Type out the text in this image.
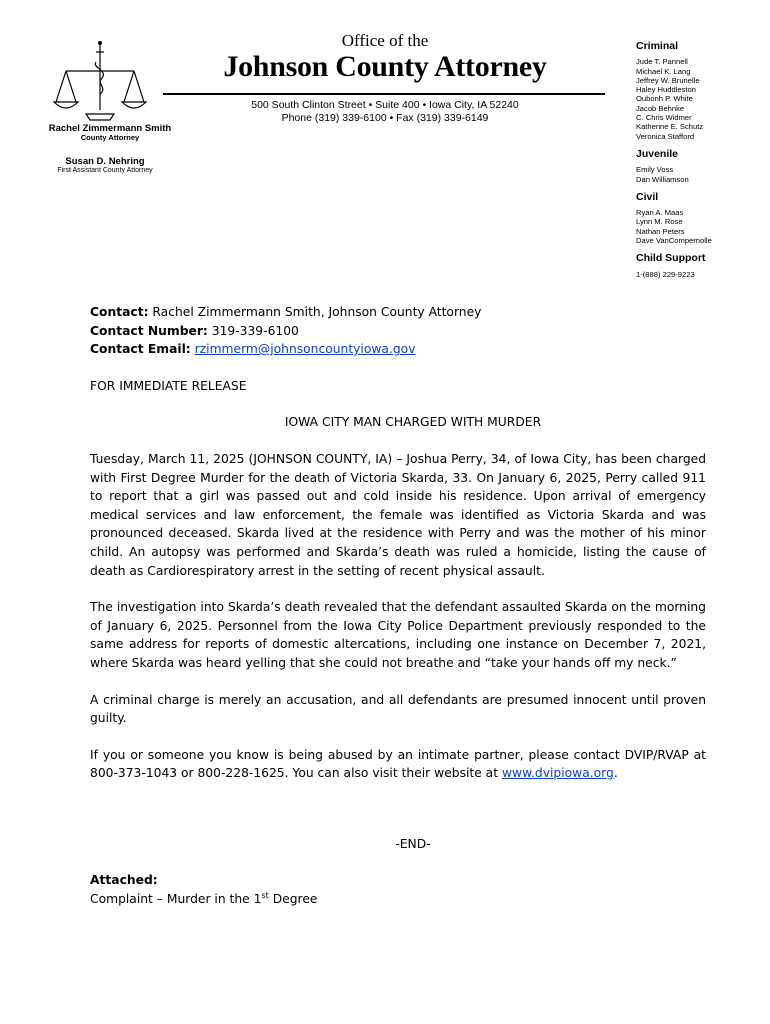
Office of the
Johnson County Attorney
500 South Clinton Street • Suite 400 • Iowa City, IA 52240
Phone (319) 339-6100 • Fax (319) 339-6149
Rachel Zimmermann Smith
County Attorney
Susan D. Nehring
First Assistant County Attorney
Criminal
Jude T. Pannell
Michael K. Lang
Jeffrey W. Brunelle
Haley Huddleston
Oubonh P. White
Jacob Behnke
C. Chris Widmer
Katherine E. Schutz
Veronica Stafford
Juvenile
Emily Voss
Dan Williamson
Civil
Ryan A. Maas
Lynn M. Rose
Nathan Peters
Dave VanCompernolle
Child Support
1-(888) 229-9223

Contact: Rachel Zimmermann Smith, Johnson County Attorney

Contact Number: 319-339-6100

Contact Email: rzimmerm@johnsoncountyiowa.gov

FOR IMMEDIATE RELEASE

IOWA CITY MAN CHARGED WITH MURDER

Tuesday, March 11, 2025 (JOHNSON COUNTY, IA) – Joshua Perry, 34, of Iowa City, has been charged with First Degree Murder for the death of Victoria Skarda, 33. On January 6, 2025, Perry called 911 to report that a girl was passed out and cold inside his residence. Upon arrival of emergency medical services and law enforcement, the female was identified as Victoria Skarda and was pronounced deceased. Skarda lived at the residence with Perry and was the mother of his minor child. An autopsy was performed and Skarda’s death was ruled a homicide, listing the cause of death as Cardiorespiratory arrest in the setting of recent physical assault.

The investigation into Skarda’s death revealed that the defendant assaulted Skarda on the morning of January 6, 2025. Personnel from the Iowa City Police Department previously responded to the same address for reports of domestic altercations, including one instance on December 7, 2021, where Skarda was heard yelling that she could not breathe and “take your hands off my neck.”

A criminal charge is merely an accusation, and all defendants are presumed innocent until proven guilty.

If you or someone you know is being abused by an intimate partner, please contact DVIP/RVAP at 800-373-1043 or 800-228-1625. You can also visit their website at www.dvipiowa.org.

-END-

Attached:

Complaint – Murder in the 1st Degree
